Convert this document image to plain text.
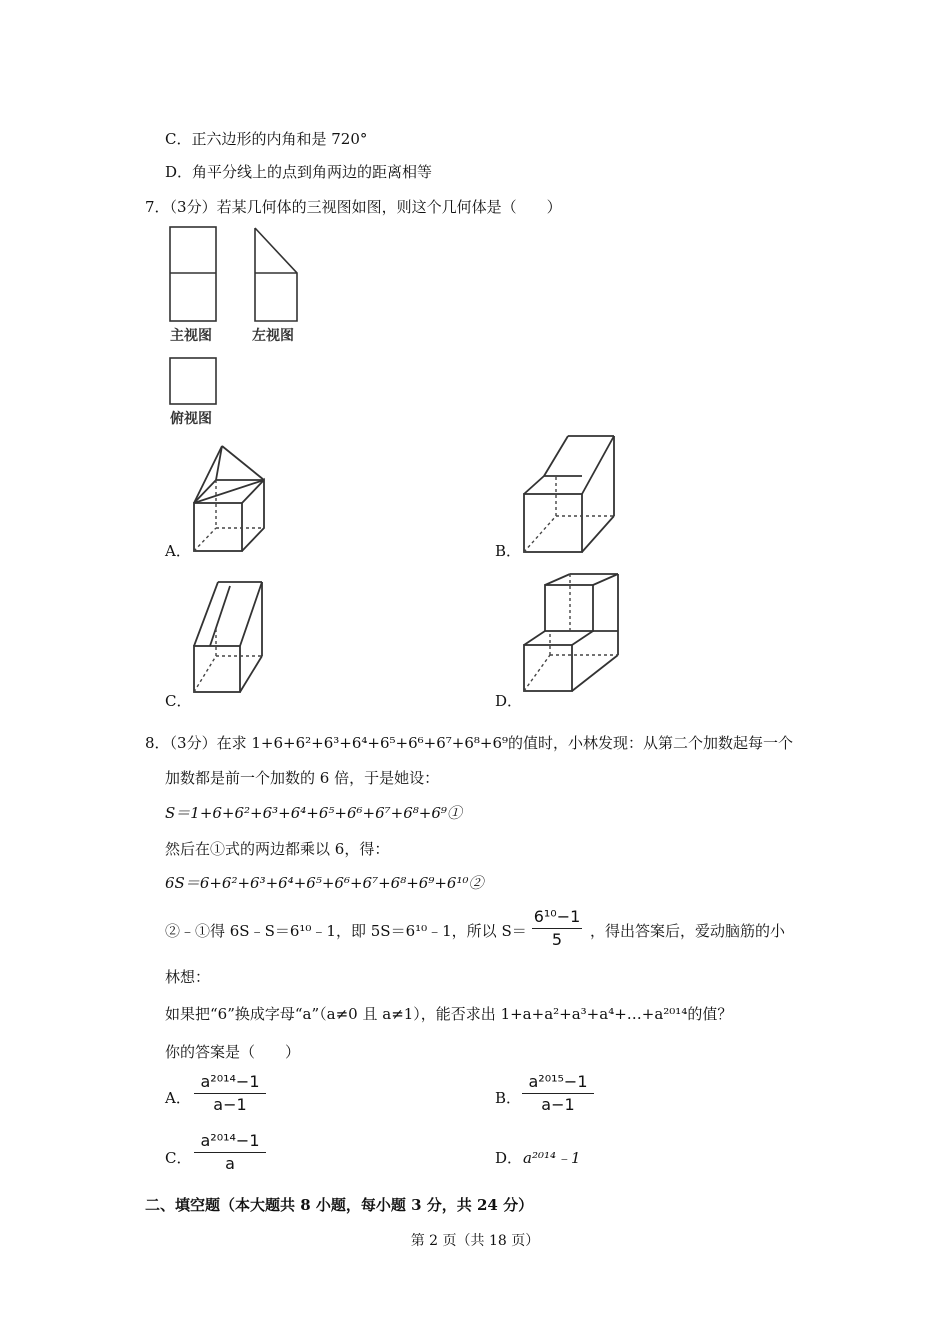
C．正六边形的内角和是 720°
D．角平分线上的点到角两边的距离相等
7．（3分）若某几何体的三视图如图，则这个几何体是（　　）
主视图	左视图
俯视图
A．	B．
C．	D．
8．（3分）在求 1+6+6²+6³+6⁴+6⁵+6⁶+6⁷+6⁸+6⁹的值时，小林发现：从第二个加数起每一个
加数都是前一个加数的 6 倍，于是她设：
S＝1+6+6²+6³+6⁴+6⁵+6⁶+6⁷+6⁸+6⁹①
然后在①式的两边都乘以 6，得：
6S＝6+6²+6³+6⁴+6⁵+6⁶+6⁷+6⁸+6⁹+6¹⁰②
②﹣①得 6S﹣S＝6¹⁰﹣1，即 5S＝6¹⁰﹣1，所以 S＝
6¹⁰−1
5	，得出答案后，爱动脑筋的小
林想：
如果把“6”换成字母“a”（a≠0 且 a≠1），能否求出 1+a+a²+a³+a⁴+…+a²⁰¹⁴的值？
你的答案是（　　）
A．
a²⁰¹⁴−1
a−1	B．
a²⁰¹⁵−1
a−1
C．
a²⁰¹⁴−1
a	D． a²⁰¹⁴﹣1
二、填空题（本大题共 8 小题，每小题 3 分，共 24 分）
第 2 页（共 18 页）
